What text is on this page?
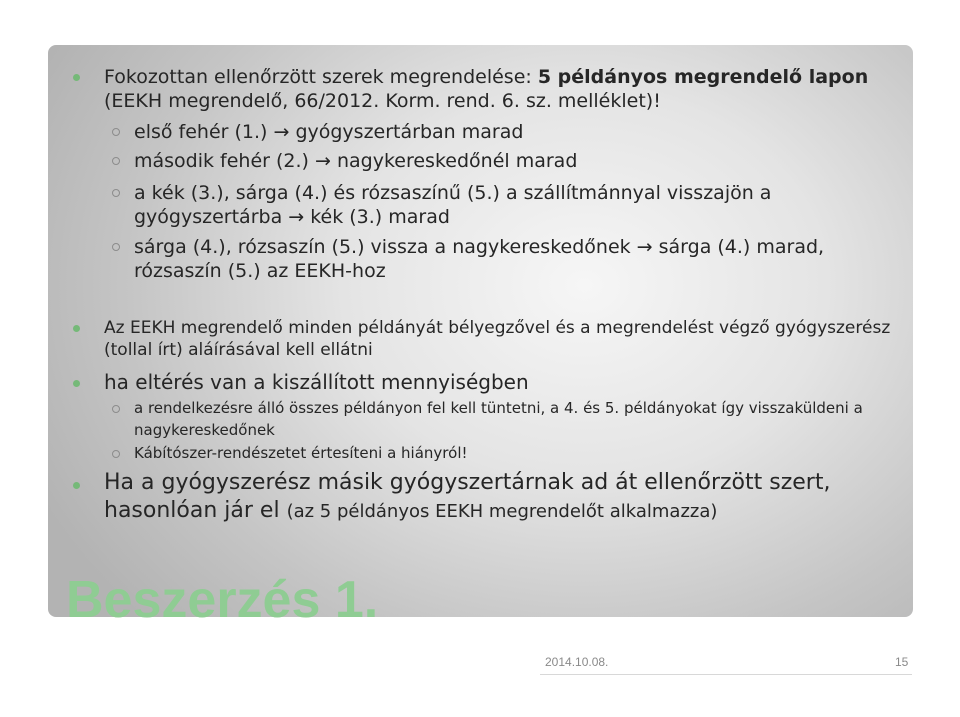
Fokozottan ellenőrzött szerek megrendelése: 5 példányos megrendelő lapon (EEKH megrendelő, 66/2012. Korm. rend. 6. sz. melléklet)!
első fehér (1.) → gyógyszertárban marad
második fehér (2.) → nagykereskedőnél marad
a kék (3.), sárga (4.) és rózsaszínű (5.) a szállítmánnyal visszajön a gyógyszertárba → kék (3.) marad
sárga (4.), rózsaszín (5.) vissza a nagykereskedőnek → sárga (4.) marad, rózsaszín (5.) az EEKH-hoz
Az EEKH megrendelő minden példányát bélyegzővel és a megrendelést végző gyógyszerész (tollal írt) aláírásával kell ellátni
ha eltérés van a kiszállított mennyiségben
a rendelkezésre álló összes példányon fel kell tüntetni, a 4. és 5. példányokat így visszaküldeni a nagykereskedőnek
Kábítószer-rendészetet értesíteni a hiányról!
Ha a gyógyszerész másik gyógyszertárnak ad át ellenőrzött szert, hasonlóan jár el (az 5 példányos EEKH megrendelőt alkalmazza)
Beszerzés 1.
2014.10.08.	15
